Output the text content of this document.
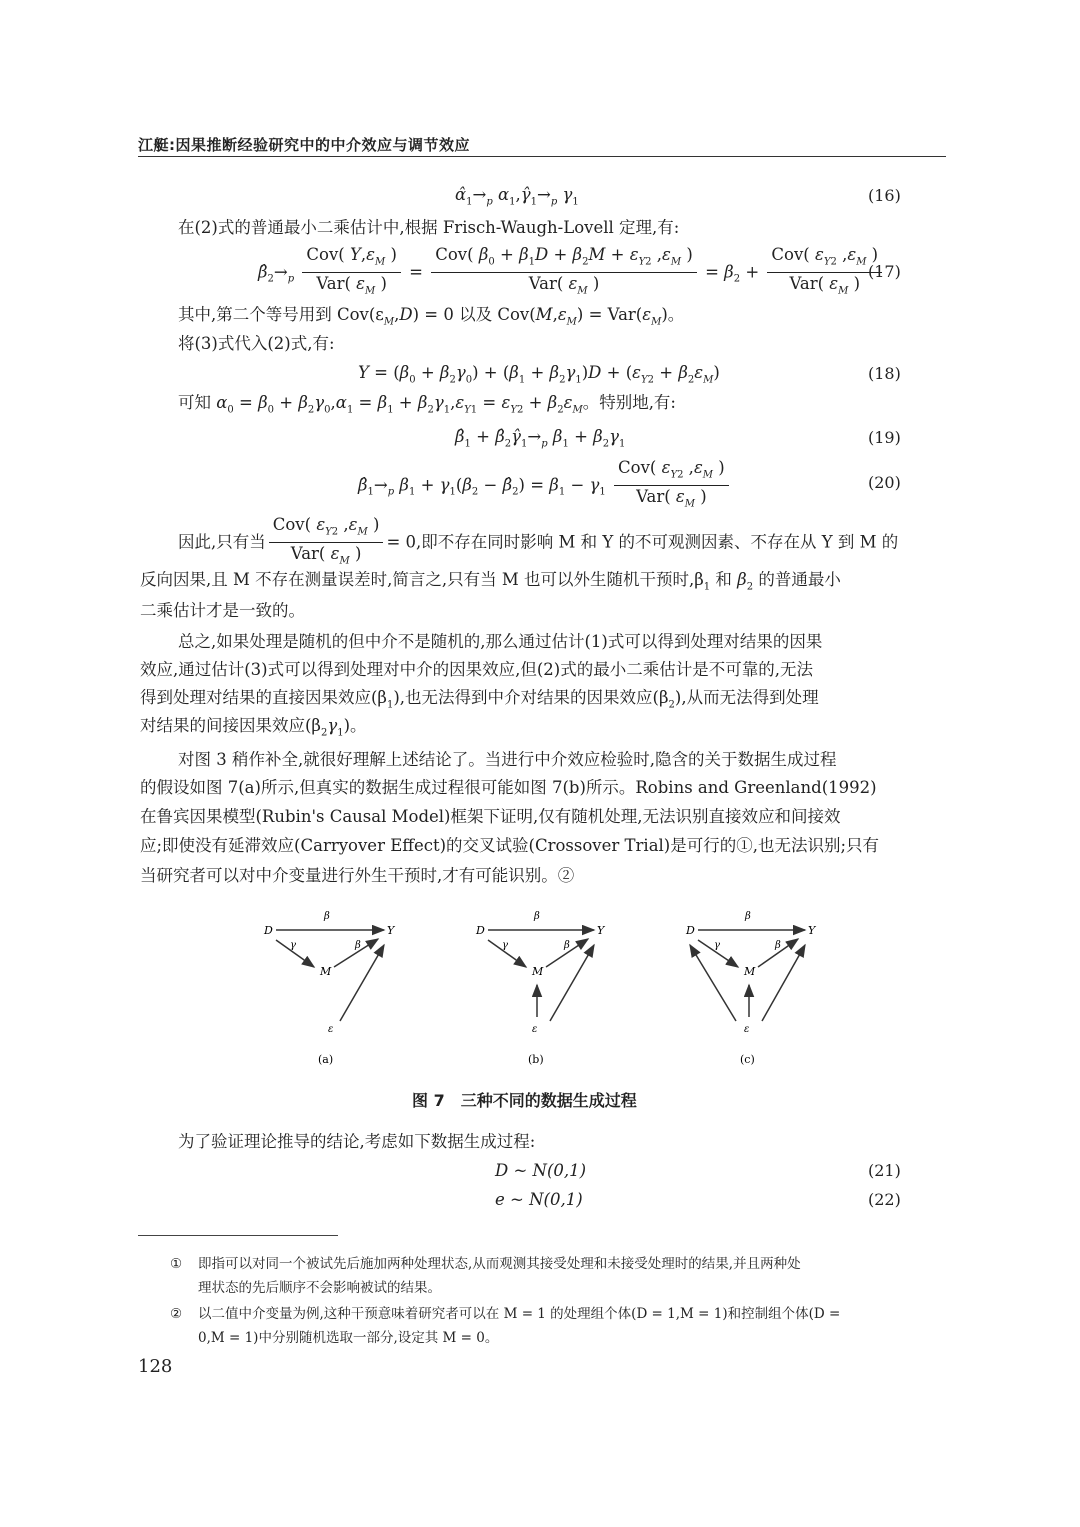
江艇:因果推断经验研究中的中介效应与调节效应
$\alphâ_1\to_p$ $\alpha_1,\gammâ_1\to_p$ $\gamma_1$	(16)
在(2)式的普通最小二乘估计中,根据 Frisch-Waugh-Lovell 定理,有:
$\betâ_2\to_p \frac{Cov( Y,\varepsilon_M )}{Var( \varepsilon_M )} = \frac{Cov( \beta_0 + \beta_1D + \beta_2M + \varepsilon_{Y2} ,\varepsilon_M )}{Var( \varepsilon_M )} = \beta_2 + \frac{Cov( \varepsilon_{Y2} ,\varepsilon_M )}{Var( \varepsilon_M )}$
(17)
其中,第二个等号用到 $Cov(\varepsilon_M,D) = 0$ 以及 $Cov(M,\varepsilon_M) = Var(\varepsilon_M)$。
将(3)式代入(2)式,有:
$Y = (\beta_0 + \beta_2\gamma_0) + (\beta_1 + \beta_2\gamma_1)D + (\varepsilon_{Y2} + \beta_2\varepsilon_M)$	(18)
可知 $\alpha_0 = \beta_0 + \beta_2\gamma_0,\alpha_1 = \beta_1 + \beta_2\gamma_1,\varepsilon_{Y1} = \varepsilon_{Y2} + \beta_2\varepsilon_M$。特别地,有:
$\betâ_1$ + $\betâ_2\gammâ_1\to_p$ $\beta_1 + \beta_2\gamma_1$	(19)
$\betâ_1\to_p$ $\beta_1 + \gamma_1(\beta_2$ − $\betâ_2) = \beta_1 - \gamma_1 \frac{Cov( \varepsilon_{Y2} ,\varepsilon_M )}{Var( \varepsilon_M )}$	(20)
因此,只有当 $\frac{Cov( \varepsilon_{Y2} ,\varepsilon_M )}{Var( \varepsilon_M )} = 0$,即不存在同时影响 M 和 Y 的不可观测因素、不存在从 Y 到 M 的
反向因果,且 M 不存在测量误差时,简言之,只有当 M 也可以外生随机干预时$,\beta_1$ 和 $\beta_2$ 的普通最小
二乘估计才是一致的。
总之,如果处理是随机的但中介不是随机的,那么通过估计(1)式可以得到处理对结果的因果
效应,通过估计(3)式可以得到处理对中介的因果效应,但(2)式的最小二乘估计是不可靠的,无法
得到处理对结果的直接因果效应$(\beta_1)$,也无法得到中介对结果的因果效应$(\beta_2)$,从而无法得到处理
对结果的间接因果效应$(\beta_2\gamma_1)$。
对图 3 稍作补全,就很好理解上述结论了。当进行中介效应检验时,隐含的关于数据生成过程
的假设如图 7(a)所示,但真实的数据生成过程很可能如图 7(b)所示。Robins and Greenland(1992)
在鲁宾因果模型(Rubin's Causal Model)框架下证明,仅有随机处理,无法识别直接效应和间接效
应;即使没有延滞效应(Carryover Effect)的交叉试验(Crossover Trial)是可行的①,也无法识别;只有
当研究者可以对中介变量进行外生干预时,才有可能识别。②
D	Y
M
β
γ	β
ε
(a)
D	Y
M
β
γ	β
ε
(b)
D	Y
M
β
γ	β
ε
(c)
图 7　三种不同的数据生成过程
为了验证理论推导的结论,考虑如下数据生成过程:
D ~ N(0,1)	(21)
e ~ N(0,1)	(22)
① 即指可以对同一个被试先后施加两种处理状态,从而观测其接受处理和未接受处理时的结果,并且两种处
理状态的先后顺序不会影响被试的结果。
② 以二值中介变量为例,这种干预意味着研究者可以在 M = 1 的处理组个体(D = 1,M = 1)和控制组个体(D =
0,M = 1)中分别随机选取一部分,设定其 M = 0。
128
